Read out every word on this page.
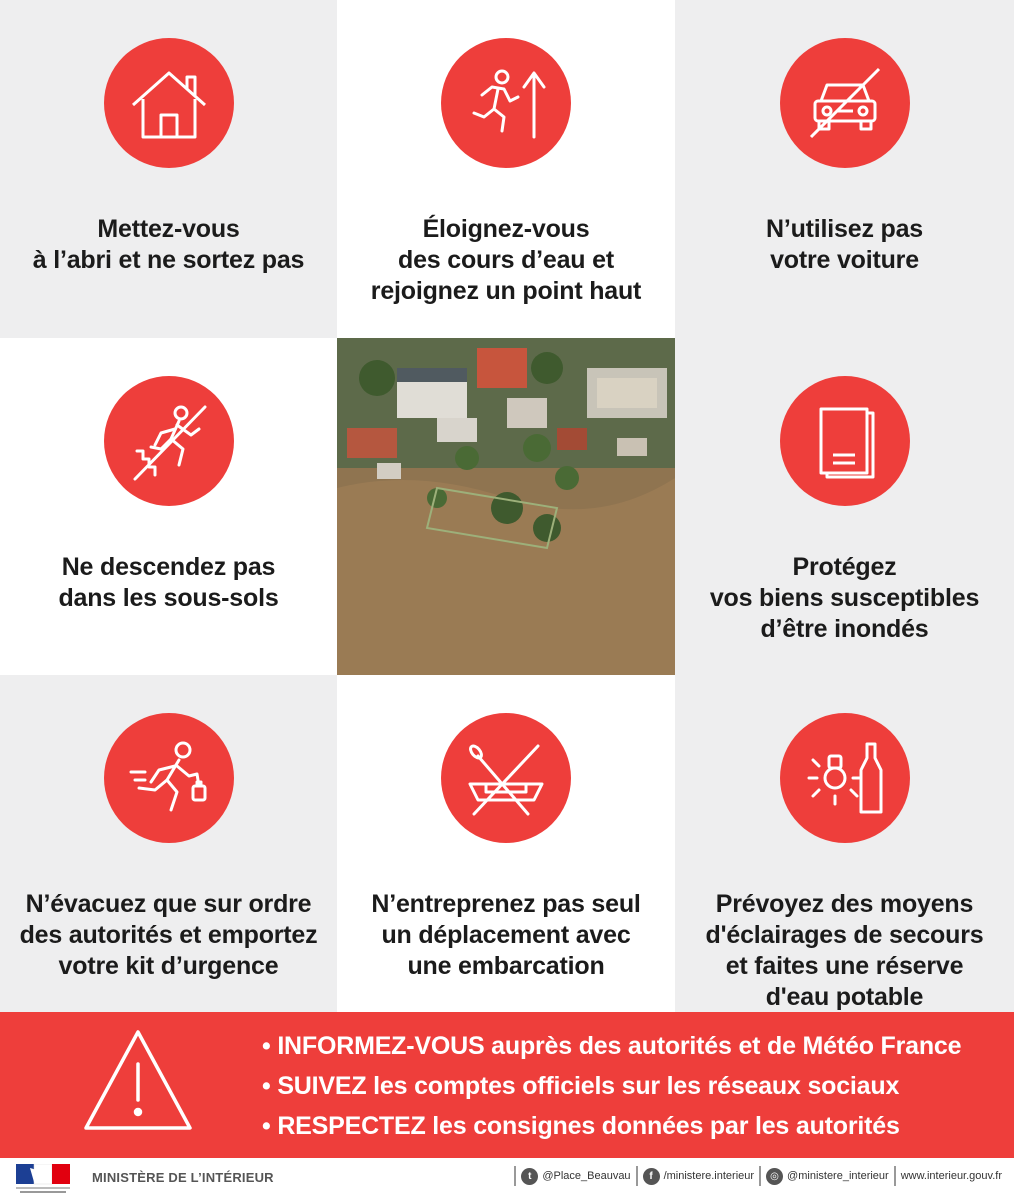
Mettez-vous
à l’abri et ne sortez pas
Éloignez-vous
des cours d’eau et
rejoignez un point haut
N’utilisez pas
votre voiture
Ne descendez pas
dans les sous-sols
Protégez
vos biens susceptibles
d’être inondés
N’évacuez que sur ordre
des autorités et emportez
votre kit d’urgence
N’entreprenez pas seul
un déplacement avec
une embarcation
Prévoyez des moyens
d'éclairages de secours
et faites une réserve
d'eau potable
• INFORMEZ-VOUS auprès des autorités et de Météo France
• SUIVEZ les comptes officiels sur les réseaux sociaux
• RESPECTEZ les consignes données par les autorités
MINISTÈRE DE L’INTÉRIEUR	t @Place_Beauvau	f /ministere.interieur	◎ @ministere_interieur www.interieur.gouv.fr
